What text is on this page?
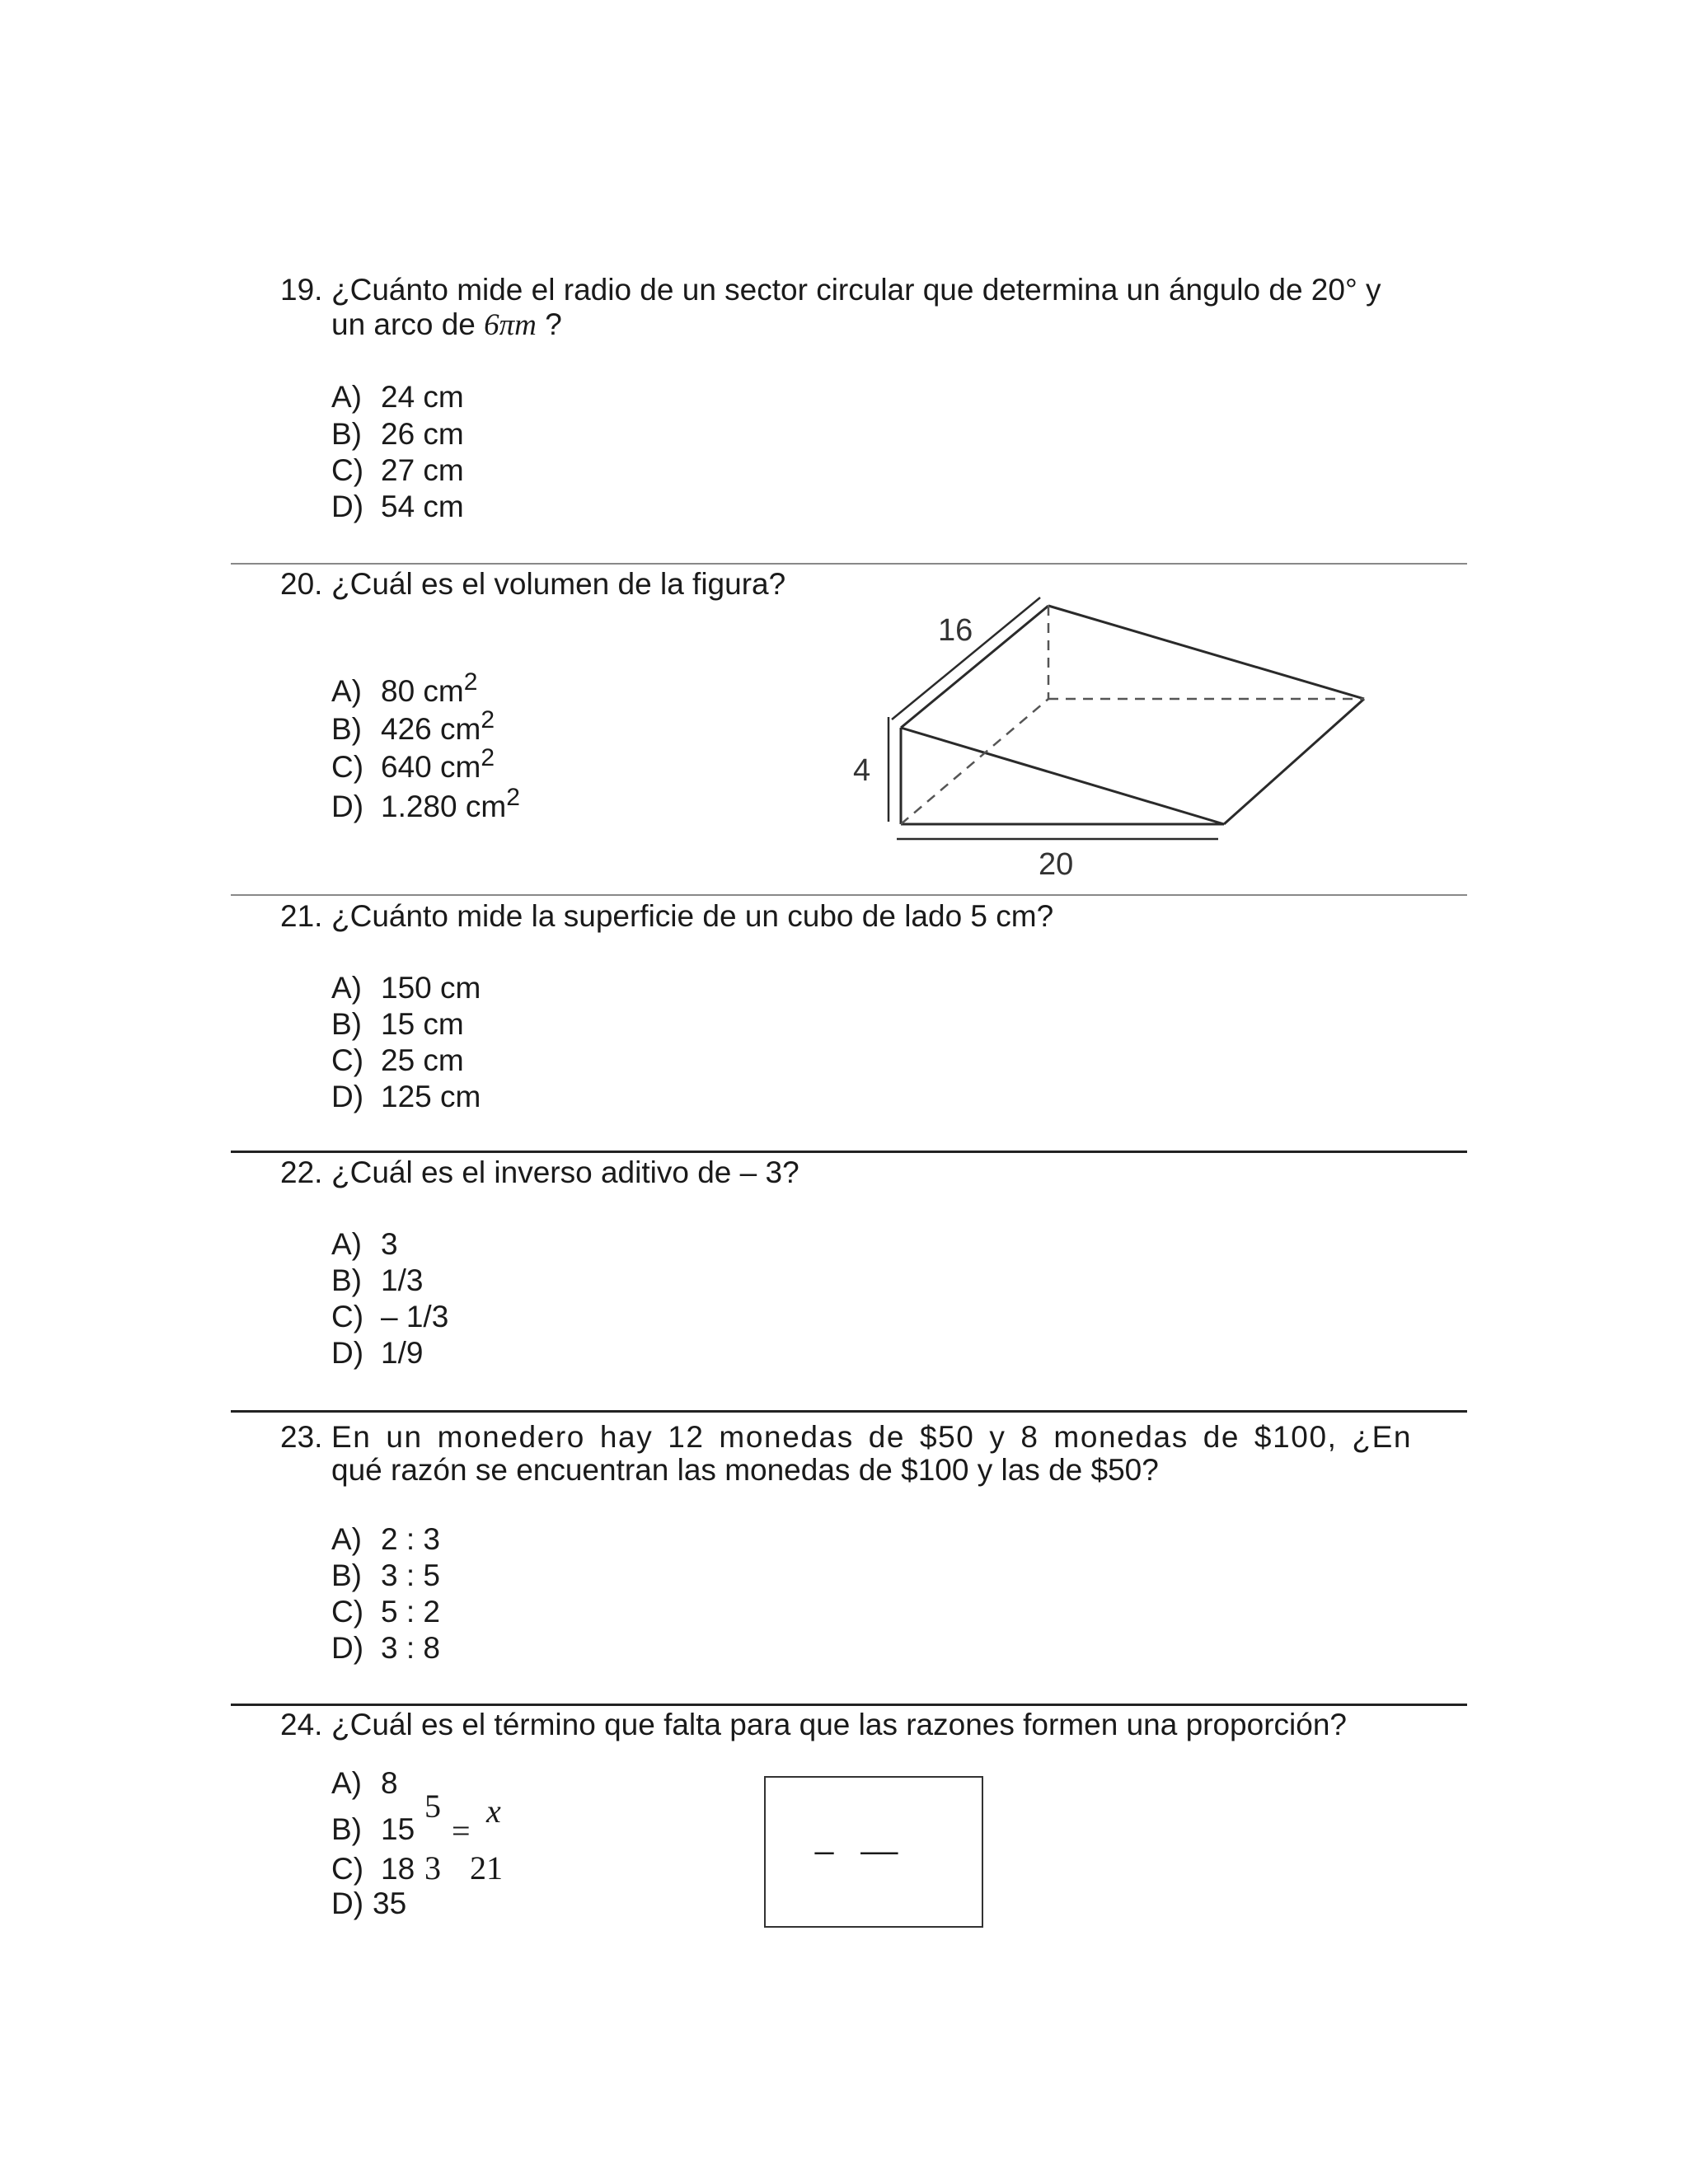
19. ¿Cuánto mide el radio de un sector circular que determina un ángulo de 20° y
un arco de 6πm ?
A) 24 cm
B) 26 cm
C) 27 cm
D) 54 cm
20. ¿Cuál es el volumen de la figura?
A) 80 $cm^2$
B) 426 $cm^2$
C) 640 $cm^2$
D) 1.280 $cm^2$
16
4
20
21. ¿Cuánto mide la superficie de un cubo de lado 5 cm?
A) 150 cm
B) 15 cm
C) 25 cm
D) 125 cm
22. ¿Cuál es el inverso aditivo de – 3?
A) 3
B) 1/3
C) – 1/3
D) 1/9
23. En un monedero hay 12 monedas de $50 y 8 monedas de $100, ¿En
qué razón se encuentran las monedas de $100 y las de $50?
A) 2 : 3
B) 3 : 5
C) 5 : 2
D) 3 : 8
24. ¿Cuál es el término que falta para que las razones formen una proporción?
A) 8
B) 15
C) 18
D) 35
5
=
x
3 21
_   __
